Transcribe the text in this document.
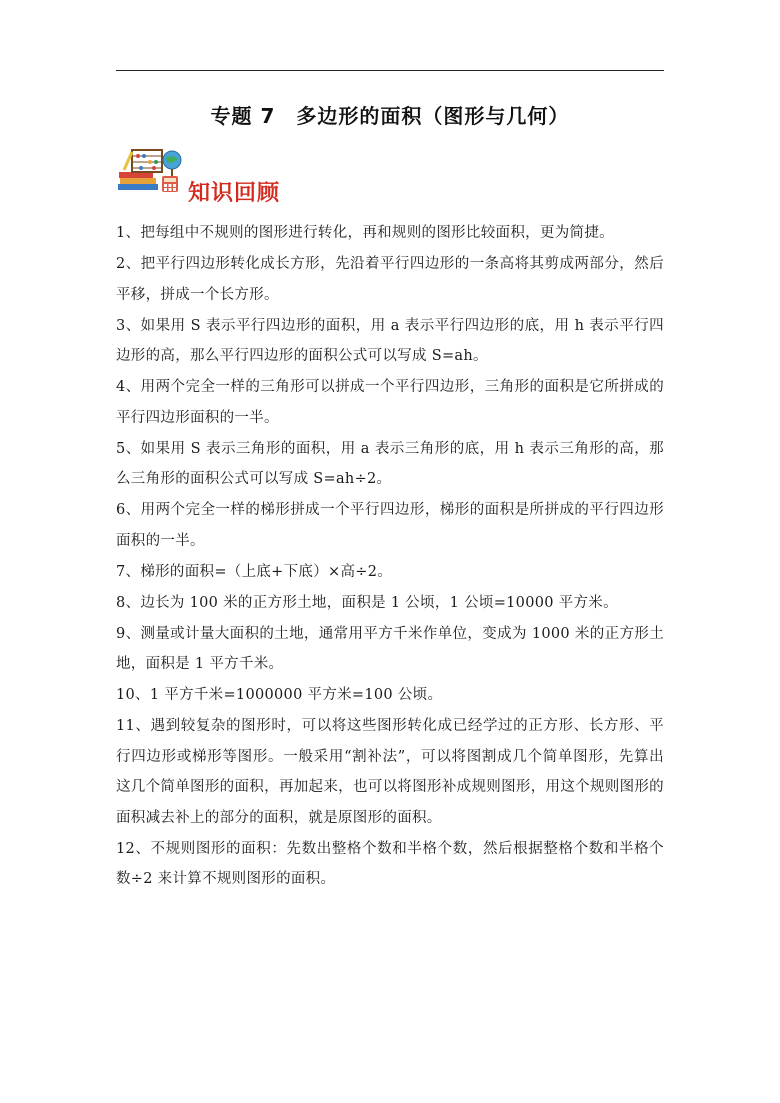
专题 7　多边形的面积（图形与几何）
知识回顾
1、把每组中不规则的图形进行转化，再和规则的图形比较面积，更为简捷。
2、把平行四边形转化成长方形，先沿着平行四边形的一条高将其剪成两部分，然后平移，拼成一个长方形。
3、如果用 S 表示平行四边形的面积，用 a 表示平行四边形的底，用 h 表示平行四边形的高，那么平行四边形的面积公式可以写成 S=ah。
4、用两个完全一样的三角形可以拼成一个平行四边形，三角形的面积是它所拼成的平行四边形面积的一半。
5、如果用 S 表示三角形的面积，用 a 表示三角形的底，用 h 表示三角形的高，那么三角形的面积公式可以写成 S=ah÷2。
6、用两个完全一样的梯形拼成一个平行四边形，梯形的面积是所拼成的平行四边形面积的一半。
7、梯形的面积=（上底+下底）×高÷2。
8、边长为 100 米的正方形土地，面积是 1 公顷，1 公顷=10000 平方米。
9、测量或计量大面积的土地，通常用平方千米作单位，变成为 1000 米的正方形土地，面积是 1 平方千米。
10、1 平方千米=1000000 平方米=100 公顷。
11、遇到较复杂的图形时，可以将这些图形转化成已经学过的正方形、长方形、平行四边形或梯形等图形。一般采用“割补法”，可以将图割成几个简单图形，先算出这几个简单图形的面积，再加起来，也可以将图形补成规则图形，用这个规则图形的面积减去补上的部分的面积，就是原图形的面积。
12、不规则图形的面积：先数出整格个数和半格个数，然后根据整格个数和半格个数÷2 来计算不规则图形的面积。
